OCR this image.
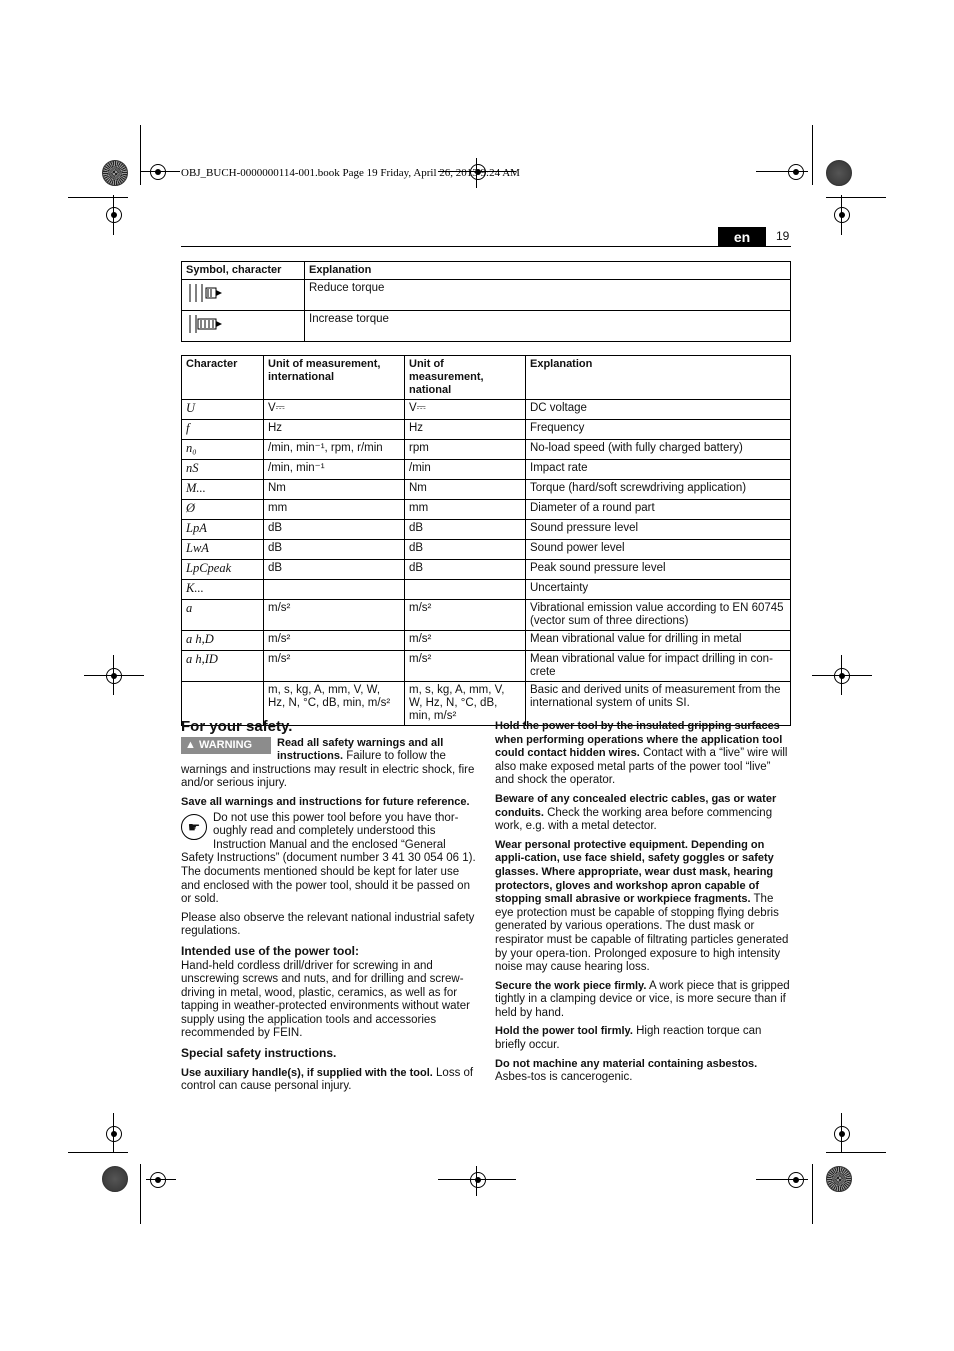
OBJ_BUCH-0000000114-001.book Page 19 Friday, April 26, 2013 9:24 AM
en	19
Symbol, character	Explanation
	Reduce torque
	Increase torque
Character	Unit of measurement, international	Unit of measurement, national	Explanation
U	V⎓	V⎓	DC voltage
f	Hz	Hz	Frequency
n₀	/min, min⁻¹, rpm, r/min	rpm	No-load speed (with fully charged battery)
nS	/min, min⁻¹	/min	Impact rate
M...	Nm	Nm	Torque (hard/soft screwdriving application)
Ø	mm	mm	Diameter of a round part
LpA	dB	dB	Sound pressure level
LwA	dB	dB	Sound power level
LpCpeak	dB	dB	Peak sound pressure level
K...			Uncertainty
a	m/s²	m/s²	Vibrational emission value according to EN 60745 (vector sum of three directions)
a h,D	m/s²	m/s²	Mean vibrational value for drilling in metal
a h,ID	m/s²	m/s²	Mean vibrational value for impact drilling in con-crete
	m, s, kg, A, mm, V, W, Hz, N, °C, dB, min, m/s²	m, s, kg, A, mm, V, W, Hz, N, °C, dB, min, m/s²	Basic and derived units of measurement from the international system of units SI.
For your safety.

▲ WARNING	Read all safety warnings and all instructions. Failure to follow the warnings and instructions may result in electric shock, fire and/or serious injury.

Save all warnings and instructions for future reference.

☛
Do not use this power tool before you have thor-oughly read and completely understood this Instruction Manual and the enclosed “General Safety Instructions” (document number 3 41 30 054 06 1). The documents mentioned should be kept for later use and enclosed with the power tool, should it be passed on or sold.

Please also observe the relevant national industrial safety regulations.

Intended use of the power tool:

Hand-held cordless drill/driver for screwing in and unscrewing screws and nuts, and for drilling and screw-driving in metal, wood, plastic, ceramics, as well as for tapping in weather-protected environments without water supply using the application tools and accessories recommended by FEIN.

Special safety instructions.

Use auxiliary handle(s), if supplied with the tool. Loss of control can cause personal injury.

Hold the power tool by the insulated gripping surfaces when performing operations where the application tool could contact hidden wires. Contact with a “live” wire will also make exposed metal parts of the power tool “live” and shock the operator.

Beware of any concealed electric cables, gas or water conduits. Check the working area before commencing work, e.g. with a metal detector.

Wear personal protective equipment. Depending on appli-cation, use face shield, safety goggles or safety glasses. Where appropriate, wear dust mask, hearing protectors, gloves and workshop apron capable of stopping small abrasive or workpiece fragments. The eye protection must be capable of stopping flying debris generated by various operations. The dust mask or respirator must be capable of filtrating particles generated by your opera-tion. Prolonged exposure to high intensity noise may cause hearing loss.

Secure the work piece firmly. A work piece that is gripped tightly in a clamping device or vice, is more secure than if held by hand.

Hold the power tool firmly. High reaction torque can briefly occur.

Do not machine any material containing asbestos. Asbes-tos is cancerogenic.
